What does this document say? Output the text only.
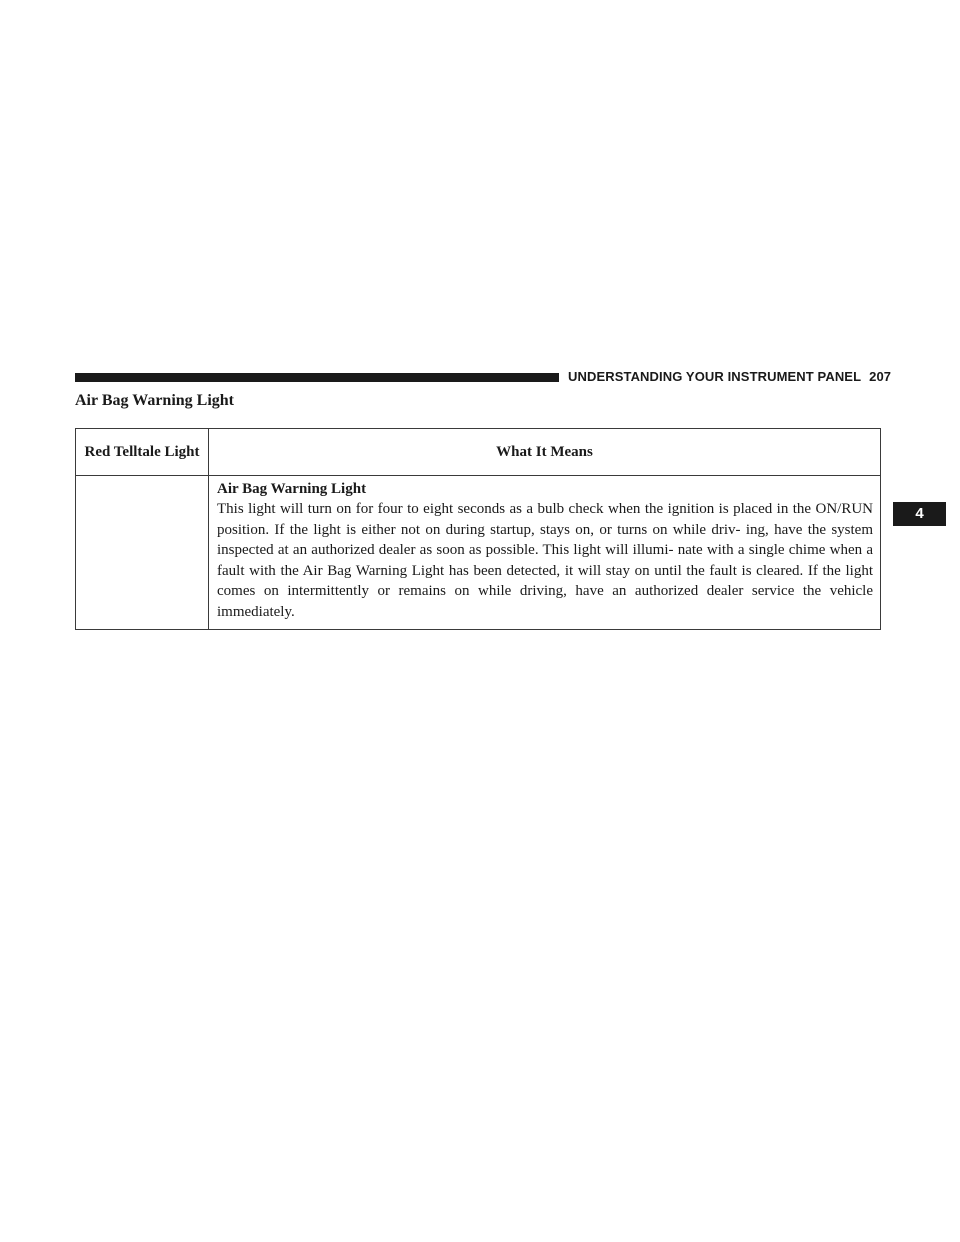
UNDERSTANDING YOUR INSTRUMENT PANEL 207
4
Air Bag Warning Light
Red Telltale Light	What It Means

	Air Bag Warning Light
This light will turn on for four to eight seconds as a bulb check when the ignition is placed in the ON/RUN position. If the light is either not on during startup, stays on, or turns on while driv- ing, have the system inspected at an authorized dealer as soon as possible. This light will illumi- nate with a single chime when a fault with the Air Bag Warning Light has been detected, it will stay on until the fault is cleared. If the light comes on intermittently or remains on while driving, have an authorized dealer service the vehicle immediately.
